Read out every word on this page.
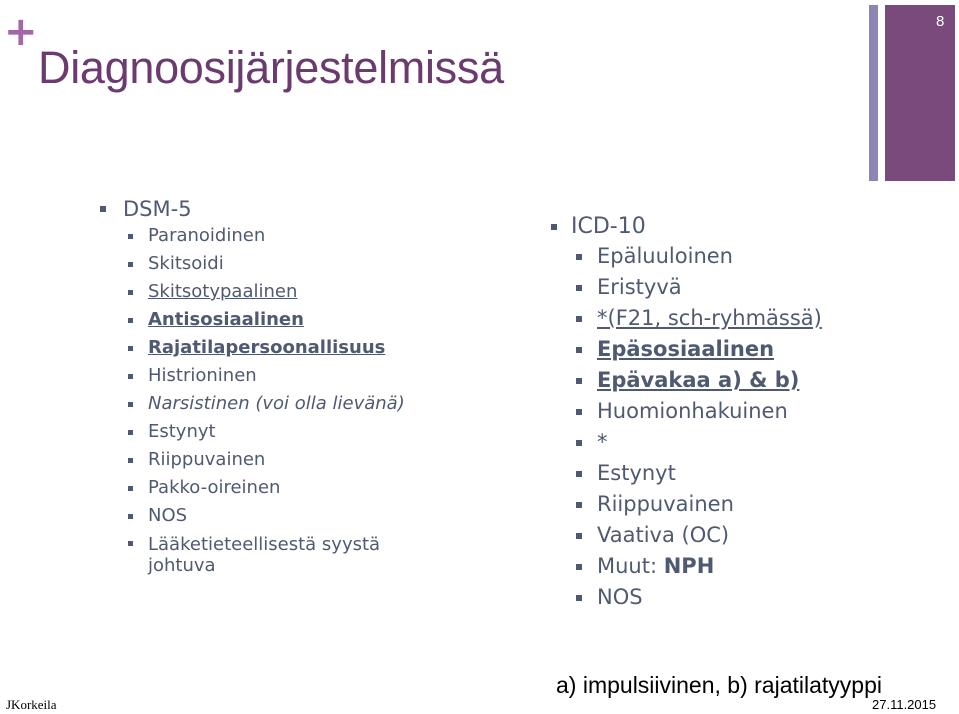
+
Diagnoosijärjestelmissä
8
DSM-5
Paranoidinen
Skitsoidi
Skitsotypaalinen
Antisosiaalinen
Rajatilapersoonallisuus
Histrioninen
Narsistinen (voi olla lievänä)
Estynyt
Riippuvainen
Pakko-oireinen
NOS
Lääketieteellisestä syystä johtuva
ICD-10
Epäluuloinen
Eristyvä
*(F21, sch-ryhmässä)
Epäsosiaalinen
Epävakaa a) & b)
Huomionhakuinen
*
Estynyt
Riippuvainen
Vaativa (OC)
Muut: NPH
NOS
a) impulsiivinen, b) rajatilatyyppi
JKorkeila	27.11.2015
